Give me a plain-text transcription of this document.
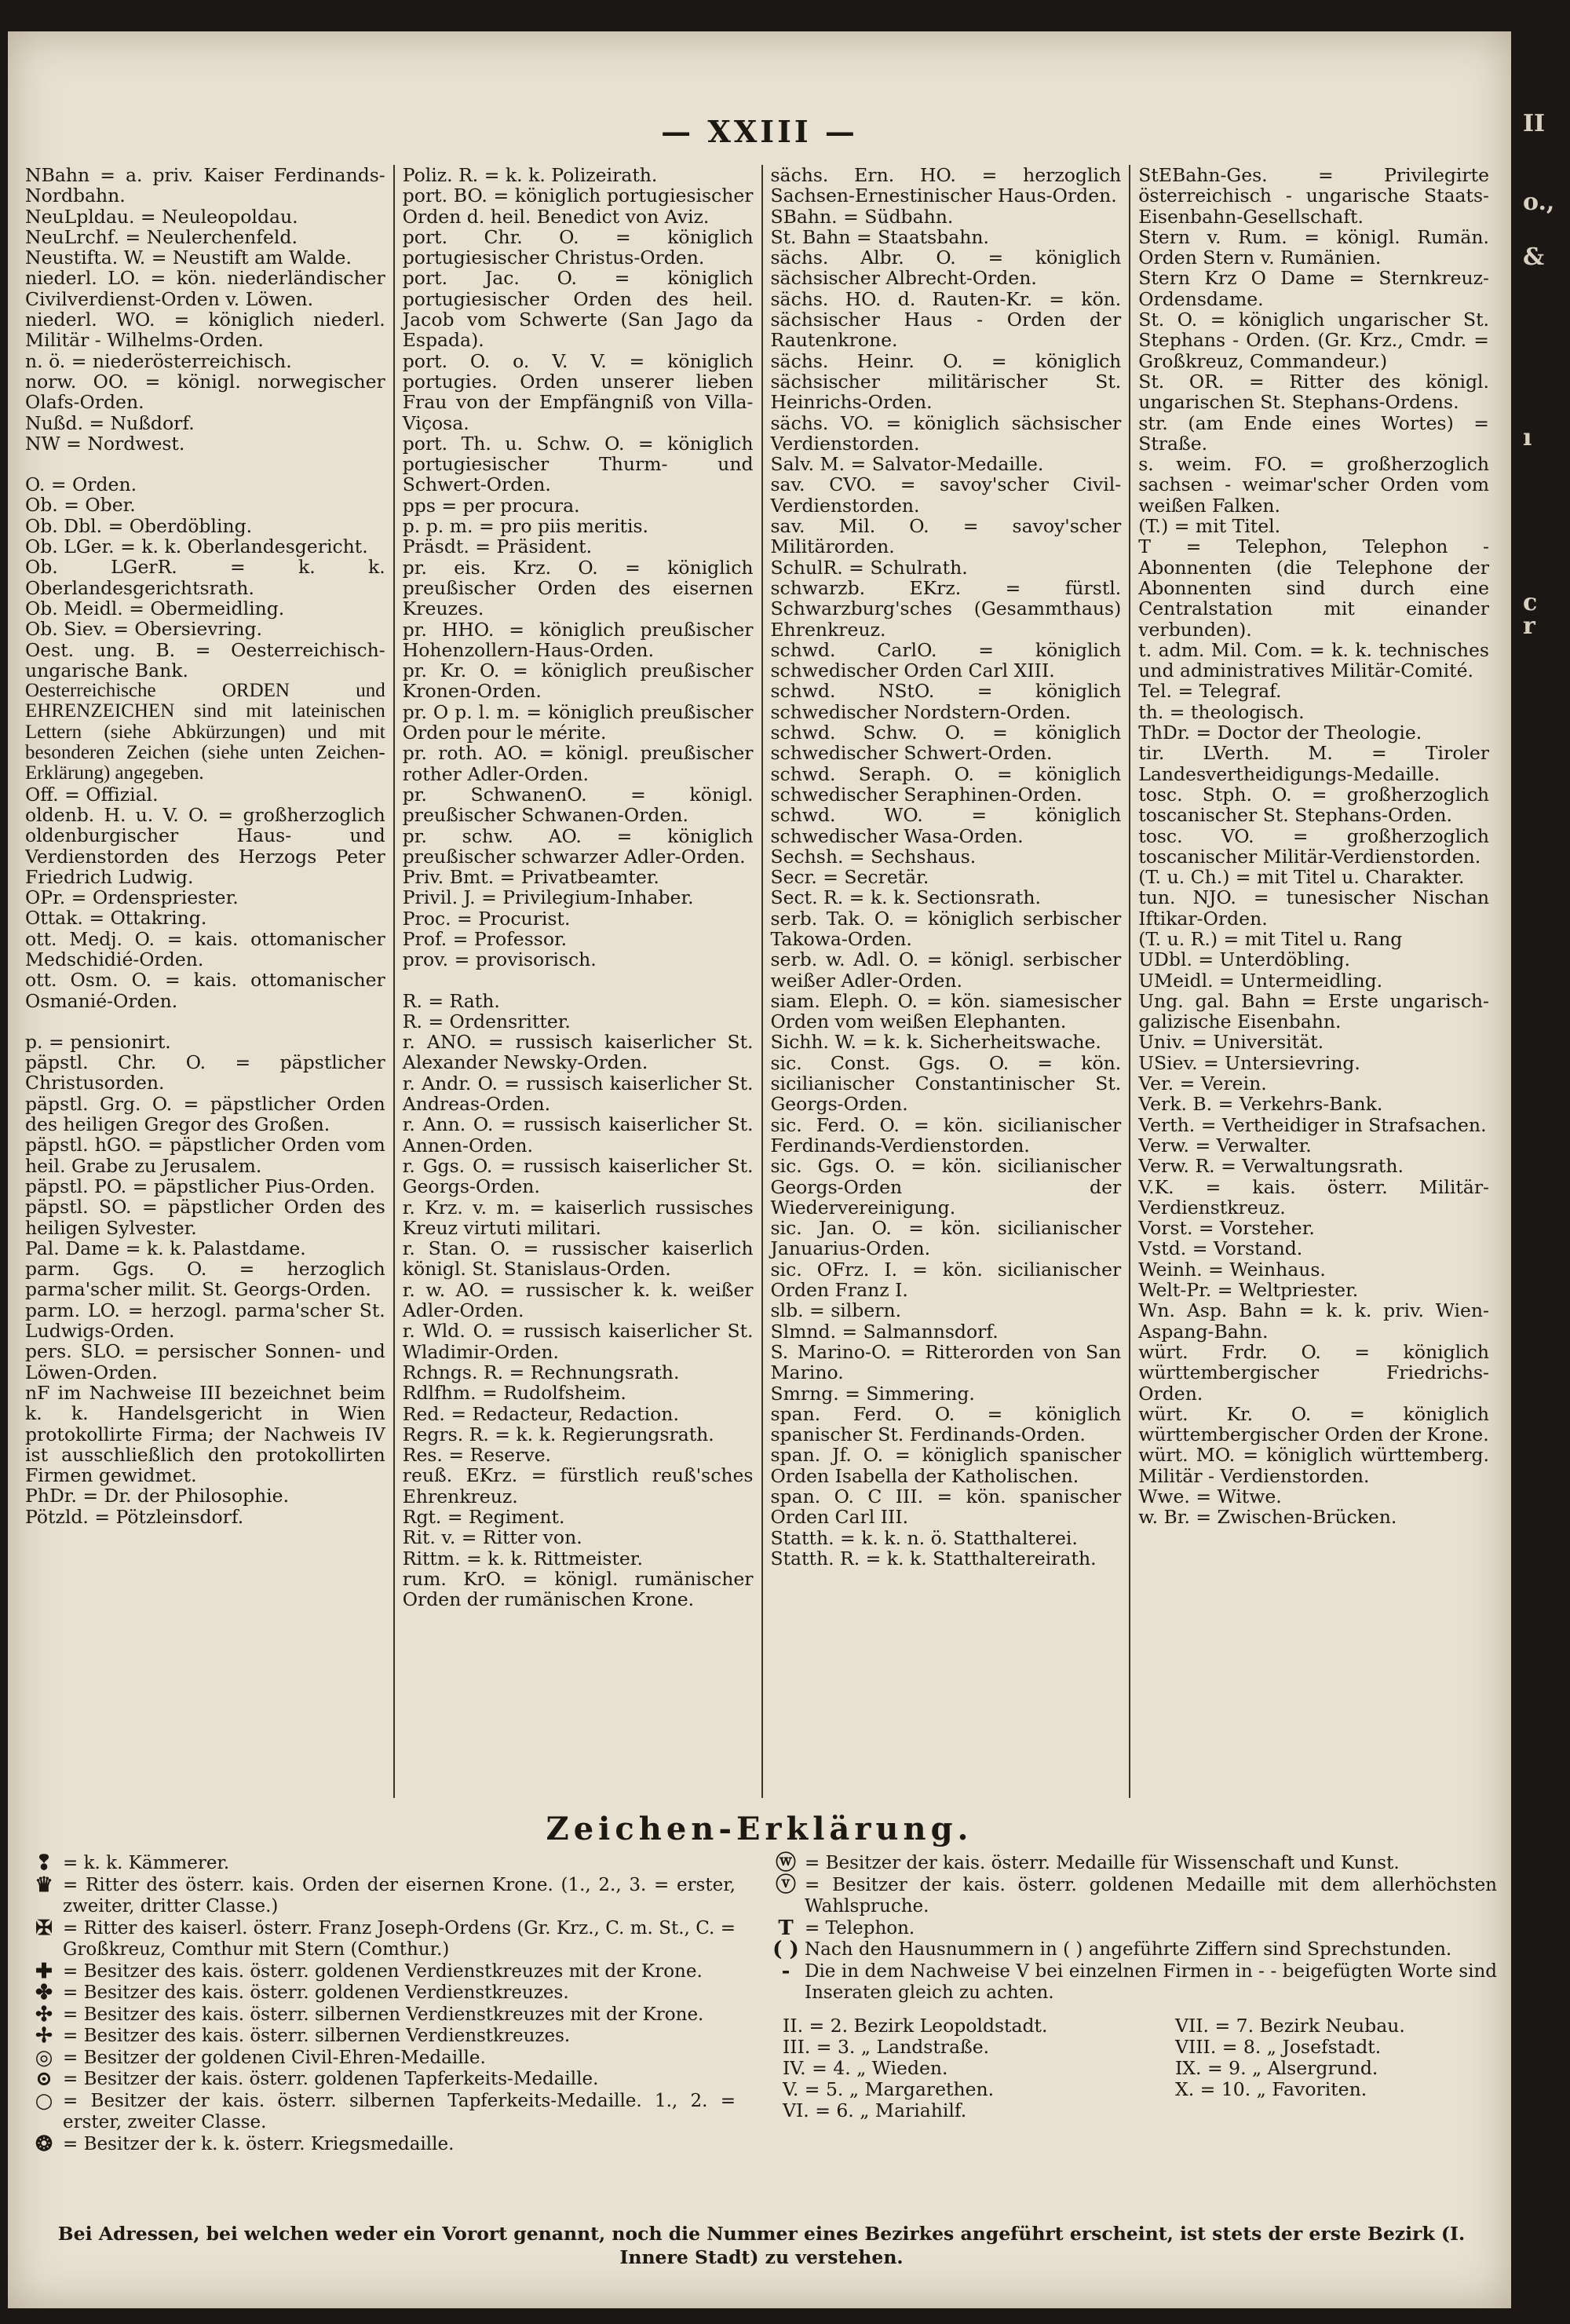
— XXIII —
NBahn = a. priv. Kaiser Ferdinands-Nordbahn.
NeuLpldau. = Neuleopoldau.
NeuLrchf. = Neulerchenfeld.
Neustifta. W. = Neustift am Walde.
niederl. LO. = kön. niederländischer Civilverdienst-Orden v. Löwen.
niederl. WO. = königlich niederl. Militär - Wilhelms-Orden.
n. ö. = niederösterreichisch.
norw. OO. = königl. norwegischer Olafs-Orden.
Nußd. = Nußdorf.
NW = Nordwest.
O. = Orden.
Ob. = Ober.
Ob. Dbl. = Oberdöbling.
Ob. LGer. = k. k. Oberlandesgericht.
Ob. LGerR. = k. k. Oberlandesgerichtsrath.
Ob. Meidl. = Obermeidling.
Ob. Siev. = Obersievring.
Oest. ung. B. = Oesterreichisch-ungarische Bank.
Oesterreichische ORDEN und EHRENZEICHEN sind mit lateinischen Lettern (siehe Abkürzungen) und mit besonderen Zeichen (siehe unten Zeichen-Erklärung) angegeben.
Off. = Offizial.
oldenb. H. u. V. O. = großherzoglich oldenburgischer Haus- und Verdienstorden des Herzogs Peter Friedrich Ludwig.
OPr. = Ordenspriester.
Ottak. = Ottakring.
ott. Medj. O. = kais. ottomanischer Medschidié-Orden.
ott. Osm. O. = kais. ottomanischer Osmanié-Orden.
p. = pensionirt.
päpstl. Chr. O. = päpstlicher Christusorden.
päpstl. Grg. O. = päpstlicher Orden des heiligen Gregor des Großen.
päpstl. hGO. = päpstlicher Orden vom heil. Grabe zu Jerusalem.
päpstl. PO. = päpstlicher Pius-Orden.
päpstl. SO. = päpstlicher Orden des heiligen Sylvester.
Pal. Dame = k. k. Palastdame.
parm. Ggs. O. = herzoglich parma'scher milit. St. Georgs-Orden.
parm. LO. = herzogl. parma'scher St. Ludwigs-Orden.
pers. SLO. = persischer Sonnen- und Löwen-Orden.
nF im Nachweise III bezeichnet beim k. k. Handelsgericht in Wien protokollirte Firma; der Nachweis IV ist ausschließlich den protokollirten Firmen gewidmet.
PhDr. = Dr. der Philosophie.
Pötzld. = Pötzleinsdorf.
Poliz. R. = k. k. Polizeirath.
port. BO. = königlich portugiesischer Orden d. heil. Benedict von Aviz.
port. Chr. O. = königlich portugiesischer Christus-Orden.
port. Jac. O. = königlich portugiesischer Orden des heil. Jacob vom Schwerte (San Jago da Espada).
port. O. o. V. V. = königlich portugies. Orden unserer lieben Frau von der Empfängniß von Villa-Viçosa.
port. Th. u. Schw. O. = königlich portugiesischer Thurm- und Schwert-Orden.
pps = per procura.
p. p. m. = pro piis meritis.
Präsdt. = Präsident.
pr. eis. Krz. O. = königlich preußischer Orden des eisernen Kreuzes.
pr. HHO. = königlich preußischer Hohenzollern-Haus-Orden.
pr. Kr. O. = königlich preußischer Kronen-Orden.
pr. O p. l. m. = königlich preußischer Orden pour le mérite.
pr. roth. AO. = königl. preußischer rother Adler-Orden.
pr. SchwanenO. = königl. preußischer Schwanen-Orden.
pr. schw. AO. = königlich preußischer schwarzer Adler-Orden.
Priv. Bmt. = Privatbeamter.
Privil. J. = Privilegium-Inhaber.
Proc. = Procurist.
Prof. = Professor.
prov. = provisorisch.
R. = Rath.
R. = Ordensritter.
r. ANO. = russisch kaiserlicher St. Alexander Newsky-Orden.
r. Andr. O. = russisch kaiserlicher St. Andreas-Orden.
r. Ann. O. = russisch kaiserlicher St. Annen-Orden.
r. Ggs. O. = russisch kaiserlicher St. Georgs-Orden.
r. Krz. v. m. = kaiserlich russisches Kreuz virtuti militari.
r. Stan. O. = russischer kaiserlich königl. St. Stanislaus-Orden.
r. w. AO. = russischer k. k. weißer Adler-Orden.
r. Wld. O. = russisch kaiserlicher St. Wladimir-Orden.
Rchngs. R. = Rechnungsrath.
Rdlfhm. = Rudolfsheim.
Red. = Redacteur, Redaction.
Regrs. R. = k. k. Regierungsrath.
Res. = Reserve.
reuß. EKrz. = fürstlich reuß'sches Ehrenkreuz.
Rgt. = Regiment.
Rit. v. = Ritter von.
Rittm. = k. k. Rittmeister.
rum. KrO. = königl. rumänischer Orden der rumänischen Krone.
sächs. Ern. HO. = herzoglich Sachsen-Ernestinischer Haus-Orden.
SBahn. = Südbahn.
St. Bahn = Staatsbahn.
sächs. Albr. O. = königlich sächsischer Albrecht-Orden.
sächs. HO. d. Rauten-Kr. = kön. sächsischer Haus - Orden der Rautenkrone.
sächs. Heinr. O. = königlich sächsischer militärischer St. Heinrichs-Orden.
sächs. VO. = königlich sächsischer Verdienstorden.
Salv. M. = Salvator-Medaille.
sav. CVO. = savoy'scher Civil-Verdienstorden.
sav. Mil. O. = savoy'scher Militärorden.
SchulR. = Schulrath.
schwarzb. EKrz. = fürstl. Schwarzburg'sches (Gesammthaus) Ehrenkreuz.
schwd. CarlO. = königlich schwedischer Orden Carl XIII.
schwd. NStO. = königlich schwedischer Nordstern-Orden.
schwd. Schw. O. = königlich schwedischer Schwert-Orden.
schwd. Seraph. O. = königlich schwedischer Seraphinen-Orden.
schwd. WO. = königlich schwedischer Wasa-Orden.
Sechsh. = Sechshaus.
Secr. = Secretär.
Sect. R. = k. k. Sectionsrath.
serb. Tak. O. = königlich serbischer Takowa-Orden.
serb. w. Adl. O. = königl. serbischer weißer Adler-Orden.
siam. Eleph. O. = kön. siamesischer Orden vom weißen Elephanten.
Sichh. W. = k. k. Sicherheitswache.
sic. Const. Ggs. O. = kön. sicilianischer Constantinischer St. Georgs-Orden.
sic. Ferd. O. = kön. sicilianischer Ferdinands-Verdienstorden.
sic. Ggs. O. = kön. sicilianischer Georgs-Orden der Wiedervereinigung.
sic. Jan. O. = kön. sicilianischer Januarius-Orden.
sic. OFrz. I. = kön. sicilianischer Orden Franz I.
slb. = silbern.
Slmnd. = Salmannsdorf.
S. Marino-O. = Ritterorden von San Marino.
Smrng. = Simmering.
span. Ferd. O. = königlich spanischer St. Ferdinands-Orden.
span. Jf. O. = königlich spanischer Orden Isabella der Katholischen.
span. O. C III. = kön. spanischer Orden Carl III.
Statth. = k. k. n. ö. Statthalterei.
Statth. R. = k. k. Statthaltereirath.
StEBahn-Ges. = Privilegirte österreichisch - ungarische Staats-Eisenbahn-Gesellschaft.
Stern v. Rum. = königl. Rumän. Orden Stern v. Rumänien.
Stern Krz O Dame = Sternkreuz-Ordensdame.
St. O. = königlich ungarischer St. Stephans - Orden. (Gr. Krz., Cmdr. = Großkreuz, Commandeur.)
St. OR. = Ritter des königl. ungarischen St. Stephans-Ordens.
str. (am Ende eines Wortes) = Straße.
s. weim. FO. = großherzoglich sachsen - weimar'scher Orden vom weißen Falken.
(T.) = mit Titel.
T = Telephon, Telephon - Abonnenten (die Telephone der Abonnenten sind durch eine Centralstation mit einander verbunden).
t. adm. Mil. Com. = k. k. technisches und administratives Militär-Comité.
Tel. = Telegraf.
th. = theologisch.
ThDr. = Doctor der Theologie.
tir. LVerth. M. = Tiroler Landesvertheidigungs-Medaille.
tosc. Stph. O. = großherzoglich toscanischer St. Stephans-Orden.
tosc. VO. = großherzoglich toscanischer Militär-Verdienstorden.
(T. u. Ch.) = mit Titel u. Charakter.
tun. NJO. = tunesischer Nischan Iftikar-Orden.
(T. u. R.) = mit Titel u. Rang
UDbl. = Unterdöbling.
UMeidl. = Untermeidling.
Ung. gal. Bahn = Erste ungarisch-galizische Eisenbahn.
Univ. = Universität.
USiev. = Untersievring.
Ver. = Verein.
Verk. B. = Verkehrs-Bank.
Verth. = Vertheidiger in Strafsachen.
Verw. = Verwalter.
Verw. R. = Verwaltungsrath.
V.K. = kais. österr. Militär-Verdienstkreuz.
Vorst. = Vorsteher.
Vstd. = Vorstand.
Weinh. = Weinhaus.
Welt-Pr. = Weltpriester.
Wn. Asp. Bahn = k. k. priv. Wien-Aspang-Bahn.
würt. Frdr. O. = königlich württembergischer Friedrichs-Orden.
würt. Kr. O. = königlich württembergischer Orden der Krone.
würt. MO. = königlich württemberg. Militär - Verdienstorden.
Wwe. = Witwe.
w. Br. = Zwischen-Brücken.
Zeichen-Erklärung.
❢ = k. k. Kämmerer.
♛ = Ritter des österr. kais. Orden der eisernen Krone. (1., 2., 3. = erster, zweiter, dritter Classe.)
✠ = Ritter des kaiserl. österr. Franz Joseph-Ordens (Gr. Krz., C. m. St., C. = Großkreuz, Comthur mit Stern (Comthur.)
✚ = Besitzer des kais. österr. goldenen Verdienstkreuzes mit der Krone.
✤ = Besitzer des kais. österr. goldenen Verdienstkreuzes.
✣ = Besitzer des kais. österr. silbernen Verdienstkreuzes mit der Krone.
✢ = Besitzer des kais. österr. silbernen Verdienstkreuzes.
◎ = Besitzer der goldenen Civil-Ehren-Medaille.
⊙ = Besitzer der kais. österr. goldenen Tapferkeits-Medaille.
○ = Besitzer der kais. österr. silbernen Tapferkeits-Medaille. 1., 2. = erster, zweiter Classe.
❂ = Besitzer der k. k. österr. Kriegsmedaille.
ⓦ = Besitzer der kais. österr. Medaille für Wissenschaft und Kunst.
ⓥ = Besitzer der kais. österr. goldenen Medaille mit dem allerhöchsten Wahlspruche.
T = Telephon.
( ) Nach den Hausnummern in ( ) angeführte Ziffern sind Sprechstunden.
- Die in dem Nachweise V bei einzelnen Firmen in - - beigefügten Worte sind Inseraten gleich zu achten.
II. = 2. Bezirk Leopoldstadt.
III. = 3. „ Landstraße.
IV. = 4. „ Wieden.
V. = 5. „ Margarethen.
VI. = 6. „ Mariahilf.
VII. = 7. Bezirk Neubau.
VIII. = 8. „ Josefstadt.
IX. = 9. „ Alsergrund.
X. = 10. „ Favoriten.
Bei Adressen, bei welchen weder ein Vorort genannt, noch die Nummer eines Bezirkes angeführt erscheint, ist stets der erste Bezirk (I. Innere Stadt) zu verstehen.
II
o.,
&
ı
c
r
